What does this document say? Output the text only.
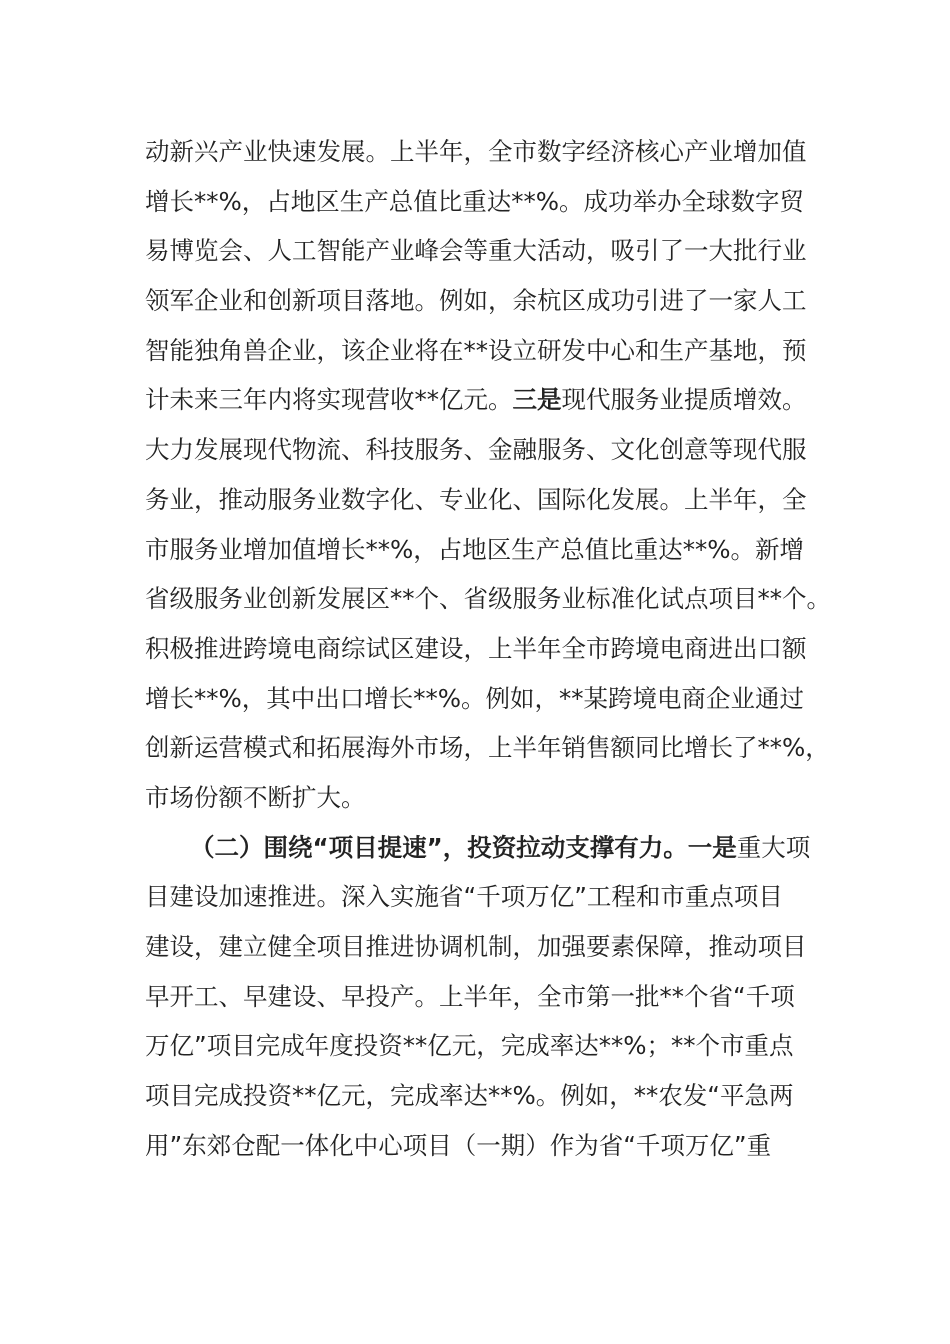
动新兴产业快速发展。上半年，全市数字经济核心产业增加值
增长**%，占地区生产总值比重达**%。成功举办全球数字贸
易博览会、人工智能产业峰会等重大活动，吸引了一大批行业
领军企业和创新项目落地。例如，余杭区成功引进了一家人工
智能独角兽企业，该企业将在**设立研发中心和生产基地，预
计未来三年内将实现营收**亿元。三是现代服务业提质增效。
大力发展现代物流、科技服务、金融服务、文化创意等现代服
务业，推动服务业数字化、专业化、国际化发展。上半年，全
市服务业增加值增长**%，占地区生产总值比重达**%。新增
省级服务业创新发展区**个、省级服务业标准化试点项目**个。
积极推进跨境电商综试区建设，上半年全市跨境电商进出口额
增长**%，其中出口增长**%。例如，**某跨境电商企业通过
创新运营模式和拓展海外市场，上半年销售额同比增长了**%，
市场份额不断扩大。
（二）围绕“项目提速”，投资拉动支撑有力。一是重大项
目建设加速推进。深入实施省“千项万亿”工程和市重点项目
建设，建立健全项目推进协调机制，加强要素保障，推动项目
早开工、早建设、早投产。上半年，全市第一批**个省“千项
万亿”项目完成年度投资**亿元，完成率达**%；**个市重点
项目完成投资**亿元，完成率达**%。例如，**农发“平急两
用”东郊仓配一体化中心项目（一期）作为省“千项万亿”重
